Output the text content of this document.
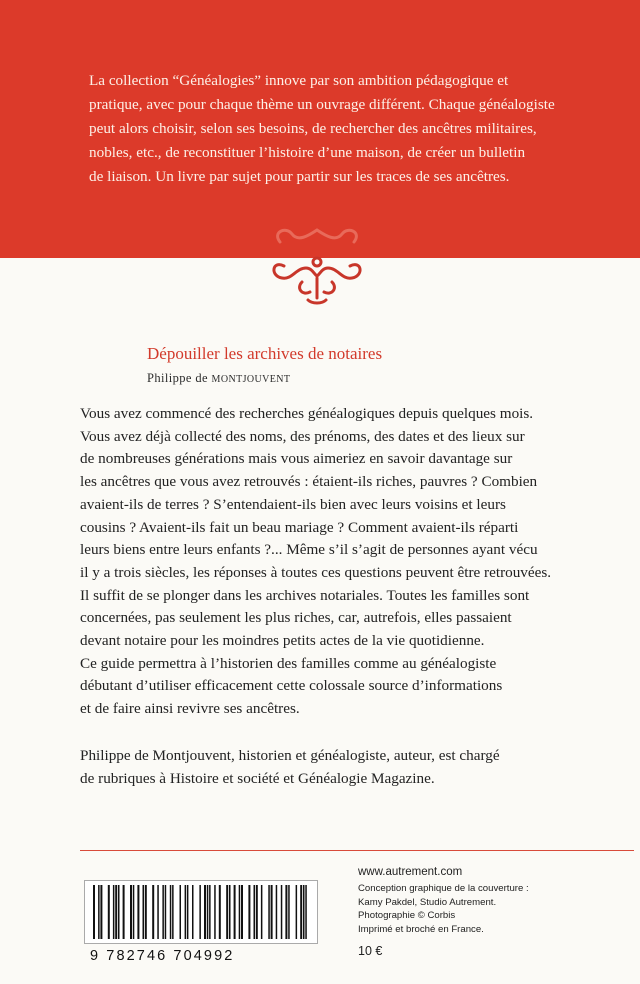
La collection “Généalogies” innove par son ambition pédagogique et

pratique, avec pour chaque thème un ouvrage différent. Chaque généalogiste

peut alors choisir, selon ses besoins, de rechercher des ancêtres militaires,

nobles, etc., de reconstituer l’histoire d’une maison, de créer un bulletin

de liaison. Un livre par sujet pour partir sur les traces de ses ancêtres.

Dépouiller les archives de notaires
Philippe de MONTJOUVENT

Vous avez commencé des recherches généalogiques depuis quelques mois.

Vous avez déjà collecté des noms, des prénoms, des dates et des lieux sur

de nombreuses générations mais vous aimeriez en savoir davantage sur

les ancêtres que vous avez retrouvés : étaient-ils riches, pauvres ? Combien

avaient-ils de terres ? S’entendaient-ils bien avec leurs voisins et leurs

cousins ? Avaient-ils fait un beau mariage ? Comment avaient-ils réparti

leurs biens entre leurs enfants ?... Même s’il s’agit de personnes ayant vécu

il y a trois siècles, les réponses à toutes ces questions peuvent être retrouvées.

Il suffit de se plonger dans les archives notariales. Toutes les familles sont

concernées, pas seulement les plus riches, car, autrefois, elles passaient

devant notaire pour les moindres petits actes de la vie quotidienne.

Ce guide permettra à l’historien des familles comme au généalogiste

débutant d’utiliser efficacement cette colossale source d’informations

et de faire ainsi revivre ses ancêtres.

Philippe de Montjouvent, historien et généalogiste, auteur, est chargé

de rubriques à Histoire et société et Généalogie Magazine.

9 782746 704992
www.autrement.com
Conception graphique de la couverture :
Kamy Pakdel, Studio Autrement.
Photographie © Corbis
Imprimé et broché en France.
10 €
